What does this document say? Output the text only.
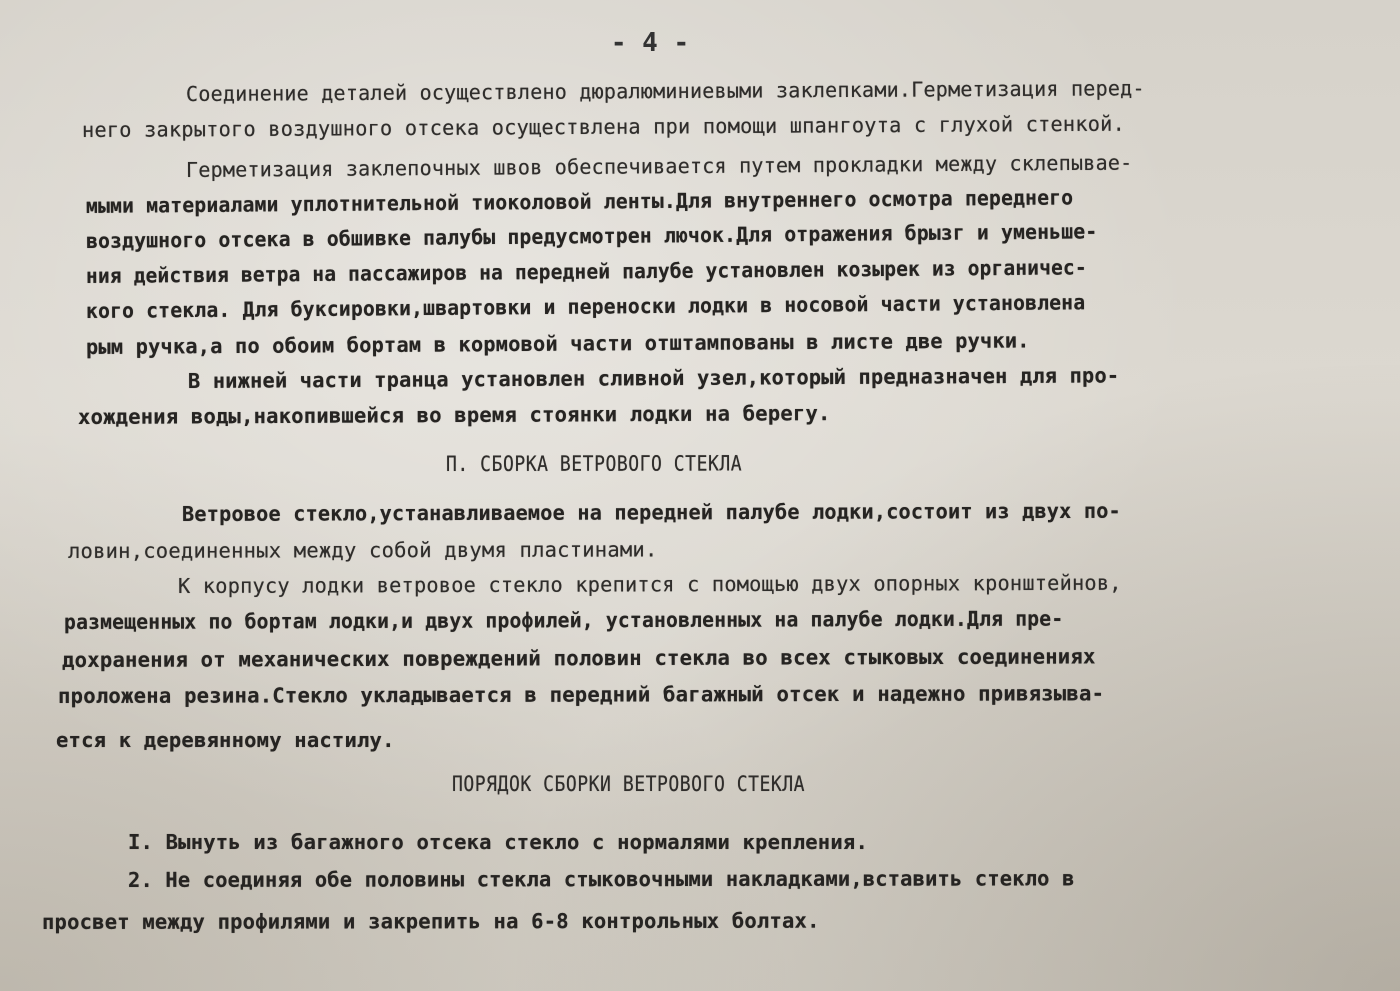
- 4 -
Соединение деталей осуществлено дюралюминиевыми заклепками.Герметизация перед-
него закрытого воздушного отсека осуществлена при помощи шпангоута с глухой стенкой.
Герметизация заклепочных швов обеспечивается путем прокладки между склепывае-
мыми материалами уплотнительной тиоколовой ленты.Для внутреннего осмотра переднего
воздушного отсека в обшивке палубы предусмотрен лючок.Для отражения брызг и уменьше-
ния действия ветра на пассажиров на передней палубе установлен козырек из органичес-
кого стекла. Для буксировки,швартовки и переноски лодки в носовой части установлена
рым ручка,а по обоим бортам в кормовой части отштампованы в листе две ручки.
В нижней части транца установлен сливной узел,который предназначен для про-
хождения воды,накопившейся во время стоянки лодки на берегу.
П. СБОРКА ВЕТРОВОГО СТЕКЛА
Ветровое стекло,устанавливаемое на передней палубе лодки,состоит из двух по-
ловин,соединенных между собой двумя пластинами.
К корпусу лодки ветровое стекло крепится с помощью двух опорных кронштейнов,
размещенных по бортам лодки,и двух профилей, установленных на палубе лодки.Для пре-
дохранения от механических повреждений половин стекла во всех стыковых соединениях
проложена резина.Стекло укладывается в передний багажный отсек и надежно привязыва-
ется к деревянному настилу.
ПОРЯДОК СБОРКИ ВЕТРОВОГО СТЕКЛА
I. Вынуть из багажного отсека стекло с нормалями крепления.
2. Не соединяя обе половины стекла стыковочными накладками,вставить стекло в
просвет между профилями и закрепить на 6-8 контрольных болтах.
